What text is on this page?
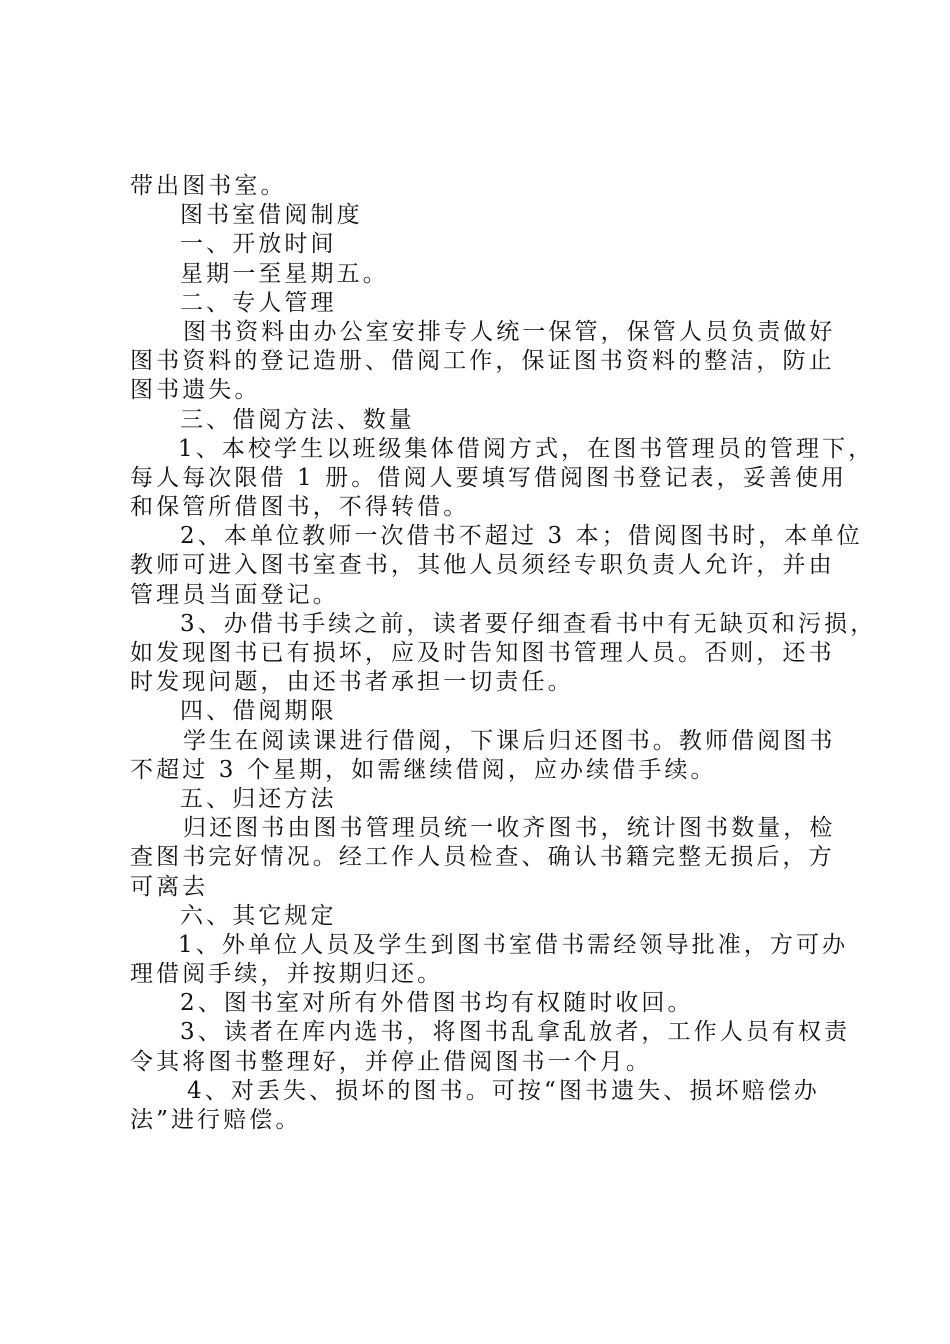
带出图书室。
图书室借阅制度
一、开放时间
星期一至星期五。
二、专人管理
图书资料由办公室安排专人统一保管，保管人员负责做好
图书资料的登记造册、借阅工作，保证图书资料的整洁，防止
图书遗失。
三、借阅方法、数量
1、本校学生以班级集体借阅方式，在图书管理员的管理下，
每人每次限借 1 册。借阅人要填写借阅图书登记表，妥善使用
和保管所借图书，不得转借。
2、本单位教师一次借书不超过 3 本；借阅图书时，本单位
教师可进入图书室查书，其他人员须经专职负责人允许，并由
管理员当面登记。
3、办借书手续之前，读者要仔细查看书中有无缺页和污损，
如发现图书已有损坏，应及时告知图书管理人员。否则，还书
时发现问题，由还书者承担一切责任。
四、借阅期限
学生在阅读课进行借阅，下课后归还图书。教师借阅图书
不超过 3 个星期，如需继续借阅，应办续借手续。
五、归还方法
归还图书由图书管理员统一收齐图书，统计图书数量，检
查图书完好情况。经工作人员检查、确认书籍完整无损后，方
可离去
六、其它规定
1、外单位人员及学生到图书室借书需经领导批准，方可办
理借阅手续，并按期归还。
2、图书室对所有外借图书均有权随时收回。
3、读者在库内选书，将图书乱拿乱放者，工作人员有权责
令其将图书整理好，并停止借阅图书一个月。
4、对丢失、损坏的图书。可按“图书遗失、损坏赔偿办
法”进行赔偿。
